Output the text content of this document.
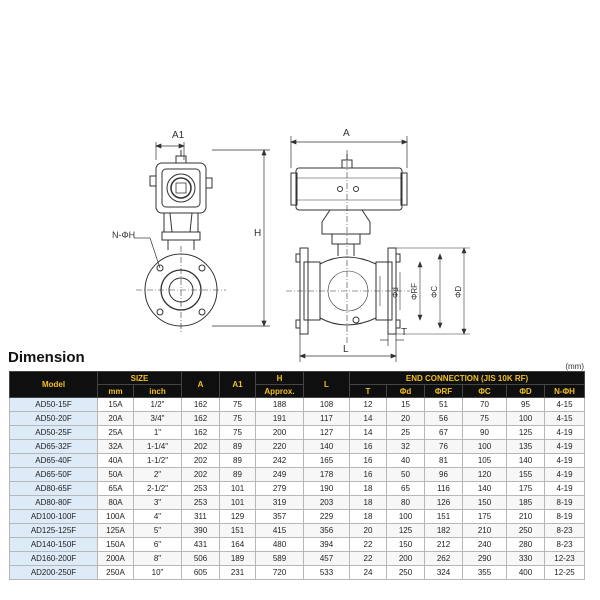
N-ΦH
A1
H
A
Φd ΦRF ΦC ΦD
L
T
Dimension
(mm)
Model	SIZE		A	A1	H	L	END CONNECTION (JIS 10K RF)					
	mm	inch			Approx.		T	Φd	ΦRF	ΦC	ΦD	N-ΦH
AD50-15F	15A	1/2"	162	75	188	108	12	15	51	70	95	4-15
AD50-20F	20A	3/4"	162	75	191	117	14	20	56	75	100	4-15
AD50-25F	25A	1"	162	75	200	127	14	25	67	90	125	4-19
AD65-32F	32A	1-1/4"	202	89	220	140	16	32	76	100	135	4-19
AD65-40F	40A	1-1/2"	202	89	242	165	16	40	81	105	140	4-19
AD65-50F	50A	2"	202	89	249	178	16	50	96	120	155	4-19
AD80-65F	65A	2-1/2"	253	101	279	190	18	65	116	140	175	4-19
AD80-80F	80A	3"	253	101	319	203	18	80	126	150	185	8-19
AD100-100F	100A	4"	311	129	357	229	18	100	151	175	210	8-19
AD125-125F	125A	5"	390	151	415	356	20	125	182	210	250	8-23
AD140-150F	150A	6"	431	164	480	394	22	150	212	240	280	8-23
AD160-200F	200A	8"	506	189	589	457	22	200	262	290	330	12-23
AD200-250F	250A	10"	605	231	720	533	24	250	324	355	400	12-25
